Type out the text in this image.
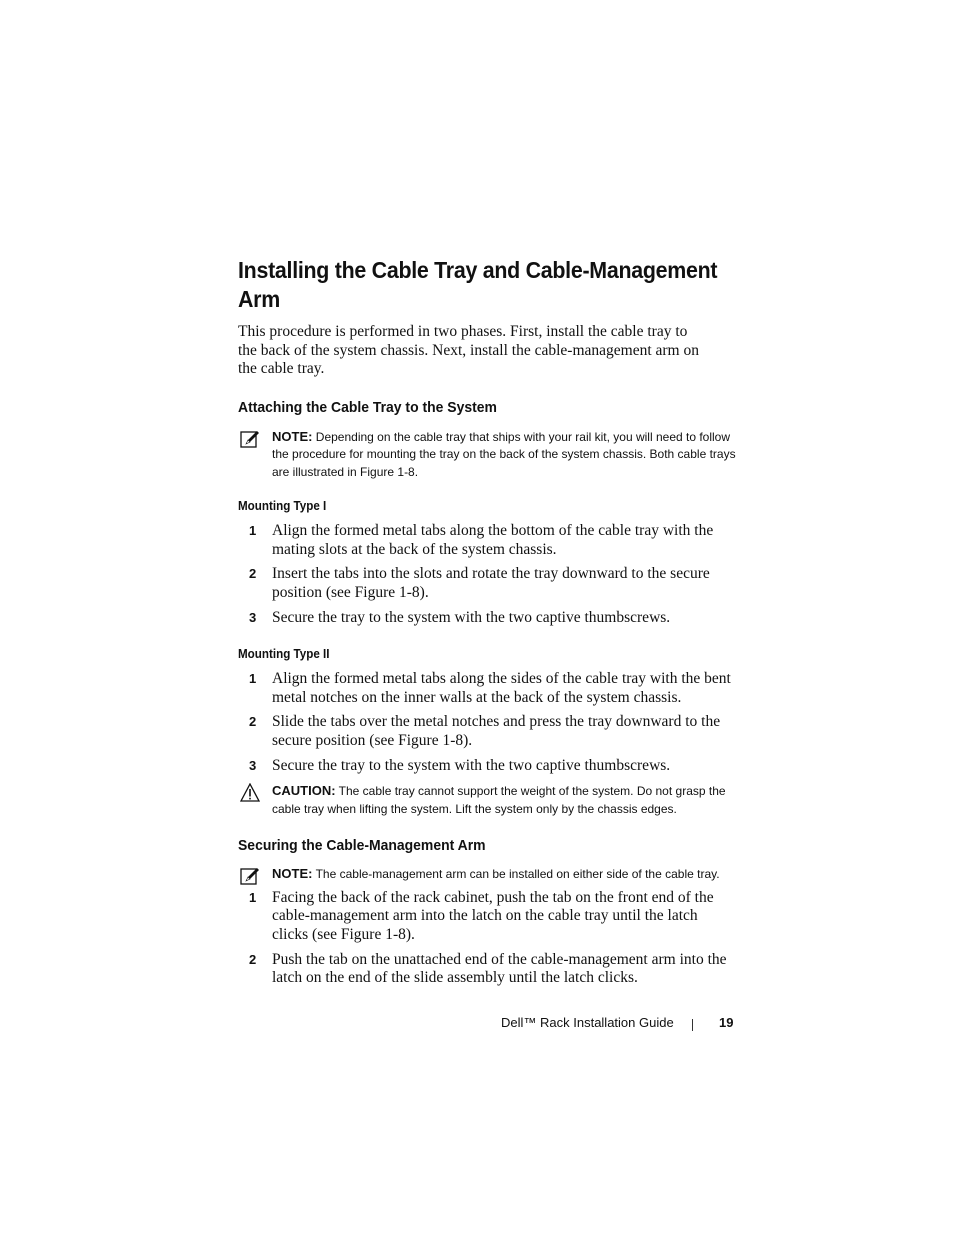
Installing the Cable Tray and Cable-Management Arm

This procedure is performed in two phases. First, install the cable tray to the back of the system chassis. Next, install the cable-management arm on the cable tray.

Attaching the Cable Tray to the System
NOTE: Depending on the cable tray that ships with your rail kit, you will need to follow the procedure for mounting the tray on the back of the system chassis. Both cable trays are illustrated in Figure 1-8.
Mounting Type I
1 Align the formed metal tabs along the bottom of the cable tray with the mating slots at the back of the system chassis.
2 Insert the tabs into the slots and rotate the tray downward to the secure position (see Figure 1-8).
3 Secure the tray to the system with the two captive thumbscrews.
Mounting Type II
1 Align the formed metal tabs along the sides of the cable tray with the bent metal notches on the inner walls at the back of the system chassis.
2 Slide the tabs over the metal notches and press the tray downward to the secure position (see Figure 1-8).
3 Secure the tray to the system with the two captive thumbscrews.
CAUTION: The cable tray cannot support the weight of the system. Do not grasp the cable tray when lifting the system. Lift the system only by the chassis edges.
Securing the Cable-Management Arm
NOTE: The cable-management arm can be installed on either side of the cable tray.
1 Facing the back of the rack cabinet, push the tab on the front end of the cable-management arm into the latch on the cable tray until the latch clicks (see Figure 1-8).
2 Push the tab on the unattached end of the cable-management arm into the latch on the end of the slide assembly until the latch clicks.
Dell™ Rack Installation Guide	19
